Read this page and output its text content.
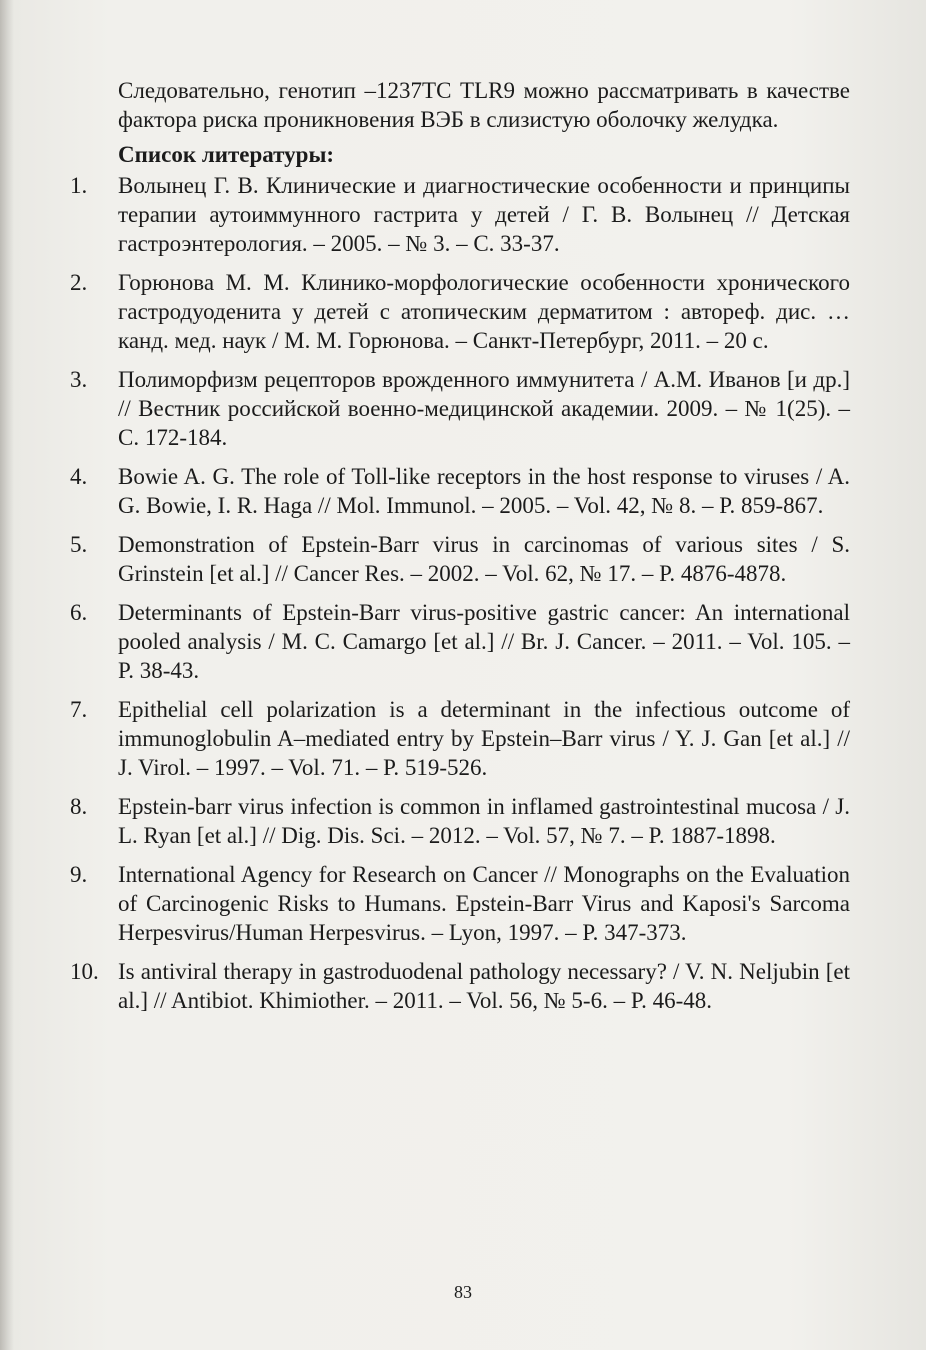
Следовательно, генотип –1237ТС TLR9 можно рассматривать в качестве фактора риска проникновения ВЭБ в слизистую оболочку желудка.

Список литературы:

1. Волынец Г. В. Клинические и диагностические особенности и принципы терапии аутоиммунного гастрита у детей / Г. В. Волынец // Детская гастроэнтерология. – 2005. – № 3. – С. 33-37.
2. Горюнова М. М. Клинико-морфологические особенности хронического гастродуоденита у детей с атопическим дерматитом : автореф. дис. … канд. мед. наук / М. М. Горюнова. – Санкт-Петербург, 2011. – 20 с.
3. Полиморфизм рецепторов врожденного иммунитета / А.М. Иванов [и др.] // Вестник российской военно-медицинской академии. 2009. – № 1(25). – С. 172-184.
4. Bowie A. G. The role of Toll-like receptors in the host response to viruses / A. G. Bowie, I. R. Haga // Mol. Immunol. – 2005. – Vol. 42, № 8. – P. 859-867.
5. Demonstration of Epstein-Barr virus in carcinomas of various sites / S. Grinstein [et al.] // Cancer Res. – 2002. – Vol. 62, № 17. – P. 4876-4878.
6. Determinants of Epstein-Barr virus-positive gastric cancer: An international pooled analysis / M. C. Camargo [et al.] // Br. J. Cancer. – 2011. – Vol. 105. – P. 38-43.
7. Epithelial cell polarization is a determinant in the infectious outcome of immunoglobulin A–mediated entry by Epstein–Barr virus / Y. J. Gan [et al.] // J. Virol. – 1997. – Vol. 71. – P. 519-526.
8. Epstein-barr virus infection is common in inflamed gastrointestinal mucosa / J. L. Ryan [et al.] // Dig. Dis. Sci. – 2012. – Vol. 57, № 7. – P. 1887-1898.
9. International Agency for Research on Cancer // Monographs on the Evaluation of Carcinogenic Risks to Humans. Epstein-Barr Virus and Kaposi's Sarcoma Herpesvirus/Human Herpesvirus. – Lyon, 1997. – P. 347-373.
10. Is antiviral therapy in gastroduodenal pathology necessary? / V. N. Neljubin [et al.] // Antibiot. Khimiother. – 2011. – Vol. 56, № 5-6. – P. 46-48.
83
